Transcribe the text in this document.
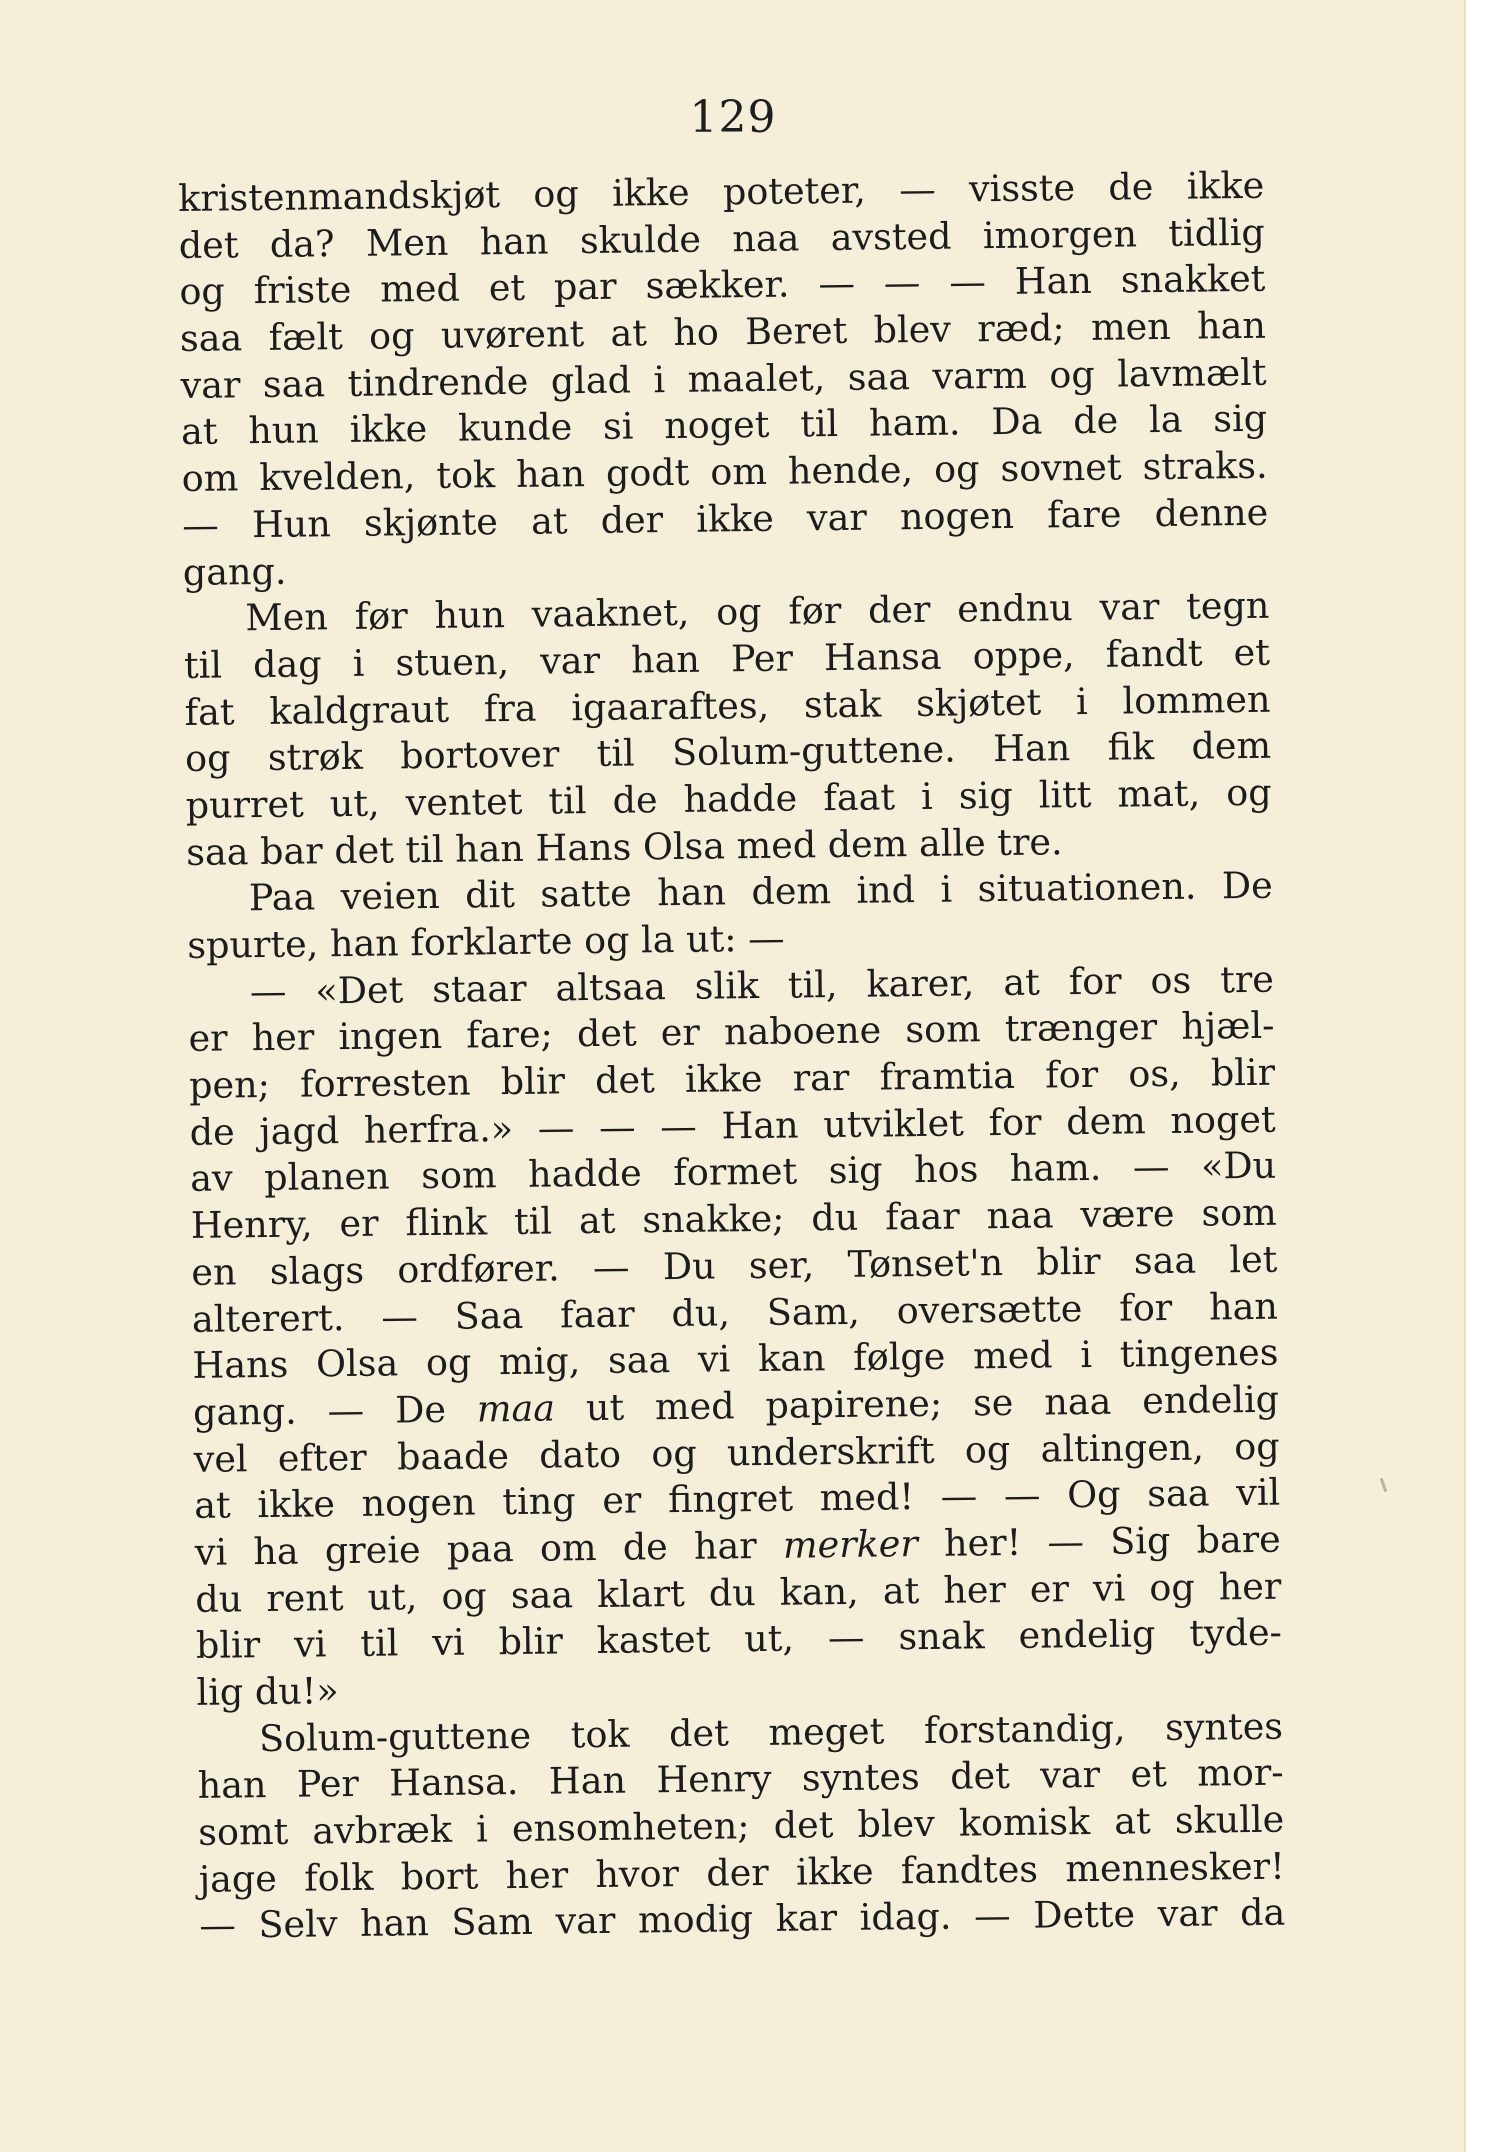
129
kristenmandskjøt og ikke poteter, — visste de ikke
det da? Men han skulde naa avsted imorgen tidlig
og friste med et par sækker. — — — Han snakket
saa fælt og uvørent at ho Beret blev ræd; men han
var saa tindrende glad i maalet, saa varm og lavmælt
at hun ikke kunde si noget til ham. Da de la sig
om kvelden, tok han godt om hende, og sovnet straks.
— Hun skjønte at der ikke var nogen fare denne
gang.
Men før hun vaaknet, og før der endnu var tegn
til dag i stuen, var han Per Hansa oppe, fandt et
fat kaldgraut fra igaaraftes, stak skjøtet i lommen
og strøk bortover til Solum-guttene. Han fik dem
purret ut, ventet til de hadde faat i sig litt mat, og
saa bar det til han Hans Olsa med dem alle tre.
Paa veien dit satte han dem ind i situationen. De
spurte, han forklarte og la ut: —
— «Det staar altsaa slik til, karer, at for os tre
er her ingen fare; det er naboene som trænger hjæl-
pen; forresten blir det ikke rar framtia for os, blir
de jagd herfra.» — — — Han utviklet for dem noget
av planen som hadde formet sig hos ham. — «Du
Henry, er flink til at snakke; du faar naa være som
en slags ordfører. — Du ser, Tønset'n blir saa let
alterert. — Saa faar du, Sam, oversætte for han
Hans Olsa og mig, saa vi kan følge med i tingenes
gang. — De maa ut med papirene; se naa endelig
vel efter baade dato og underskrift og altingen, og
at ikke nogen ting er fingret med! — — Og saa vil
vi ha greie paa om de har merker her! — Sig bare
du rent ut, og saa klart du kan, at her er vi og her
blir vi til vi blir kastet ut, — snak endelig tyde-
lig du!»
Solum-guttene tok det meget forstandig, syntes
han Per Hansa. Han Henry syntes det var et mor-
somt avbræk i ensomheten; det blev komisk at skulle
jage folk bort her hvor der ikke fandtes mennesker!
— Selv han Sam var modig kar idag. — Dette var da
